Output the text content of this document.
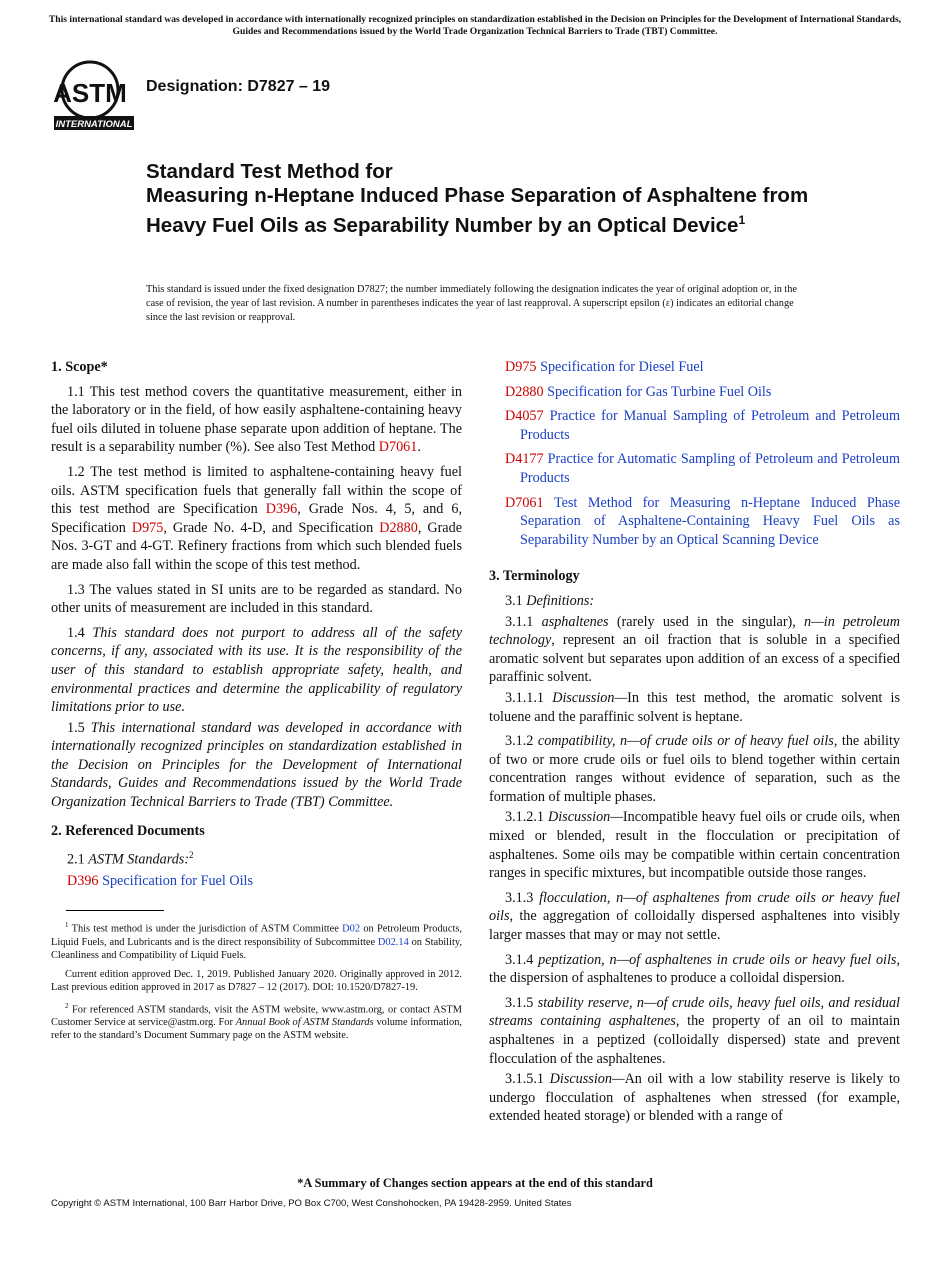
This international standard was developed in accordance with internationally recognized principles on standardization established in the Decision on Principles for the Development of International Standards, Guides and Recommendations issued by the World Trade Organization Technical Barriers to Trade (TBT) Committee.
ASTM
INTERNATIONAL
Designation: D7827 – 19
Standard Test Method for
Measuring n-Heptane Induced Phase Separation of Asphaltene from Heavy Fuel Oils as Separability Number by an Optical Device$^1$
This standard is issued under the fixed designation D7827; the number immediately following the designation indicates the year of original adoption or, in the case of revision, the year of last revision. A number in parentheses indicates the year of last reapproval. A superscript epsilon (ε) indicates an editorial change since the last revision or reapproval.
1. Scope*

1.1 This test method covers the quantitative measurement, either in the laboratory or in the field, of how easily asphaltene-containing heavy fuel oils diluted in toluene phase separate upon addition of heptane. The result is a separability number (%). See also Test Method D7061.

1.2 The test method is limited to asphaltene-containing heavy fuel oils. ASTM specification fuels that generally fall within the scope of this test method are Specification D396, Grade Nos. 4, 5, and 6, Specification D975, Grade No. 4-D, and Specification D2880, Grade Nos. 3-GT and 4-GT. Refinery fractions from which such blended fuels are made also fall within the scope of this test method.

1.3 The values stated in SI units are to be regarded as standard. No other units of measurement are included in this standard.

1.4 This standard does not purport to address all of the safety concerns, if any, associated with its use. It is the responsibility of the user of this standard to establish appropriate safety, health, and environmental practices and determine the applicability of regulatory limitations prior to use.

1.5 This international standard was developed in accordance with internationally recognized principles on standardization established in the Decision on Principles for the Development of International Standards, Guides and Recommendations issued by the World Trade Organization Technical Barriers to Trade (TBT) Committee.

2. Referenced Documents

2.1 ASTM Standards:$^2$

D396 Specification for Fuel Oils

$^1$ This test method is under the jurisdiction of ASTM Committee D02 on Petroleum Products, Liquid Fuels, and Lubricants and is the direct responsibility of Subcommittee D02.14 on Stability, Cleanliness and Compatibility of Liquid Fuels.

Current edition approved Dec. 1, 2019. Published January 2020. Originally approved in 2012. Last previous edition approved in 2017 as D7827 – 12 (2017). DOI: 10.1520/D7827-19.

$^2$ For referenced ASTM standards, visit the ASTM website, www.astm.org, or contact ASTM Customer Service at service@astm.org. For Annual Book of ASTM Standards volume information, refer to the standard’s Document Summary page on the ASTM website.

D975 Specification for Diesel Fuel

D2880 Specification for Gas Turbine Fuel Oils

D4057 Practice for Manual Sampling of Petroleum and Petroleum Products

D4177 Practice for Automatic Sampling of Petroleum and Petroleum Products

D7061 Test Method for Measuring n-Heptane Induced Phase Separation of Asphaltene-Containing Heavy Fuel Oils as Separability Number by an Optical Scanning Device

3. Terminology

3.1 Definitions:

3.1.1 asphaltenes (rarely used in the singular), n—in petroleum technology, represent an oil fraction that is soluble in a specified aromatic solvent but separates upon addition of an excess of a specified paraffinic solvent.

3.1.1.1 Discussion—In this test method, the aromatic solvent is toluene and the paraffinic solvent is heptane.

3.1.2 compatibility, n—of crude oils or of heavy fuel oils, the ability of two or more crude oils or fuel oils to blend together within certain concentration ranges without evidence of separation, such as the formation of multiple phases.

3.1.2.1 Discussion—Incompatible heavy fuel oils or crude oils, when mixed or blended, result in the flocculation or precipitation of asphaltenes. Some oils may be compatible within certain concentration ranges in specific mixtures, but incompatible outside those ranges.

3.1.3 flocculation, n—of asphaltenes from crude oils or heavy fuel oils, the aggregation of colloidally dispersed asphaltenes into visibly larger masses that may or may not settle.

3.1.4 peptization, n—of asphaltenes in crude oils or heavy fuel oils, the dispersion of asphaltenes to produce a colloidal dispersion.

3.1.5 stability reserve, n—of crude oils, heavy fuel oils, and residual streams containing asphaltenes, the property of an oil to maintain asphaltenes in a peptized (colloidally dispersed) state and prevent flocculation of the asphaltenes.

3.1.5.1 Discussion—An oil with a low stability reserve is likely to undergo flocculation of asphaltenes when stressed (for example, extended heated storage) or blended with a range of

*A Summary of Changes section appears at the end of this standard
Copyright © ASTM International, 100 Barr Harbor Drive, PO Box C700, West Conshohocken, PA 19428-2959. United States
